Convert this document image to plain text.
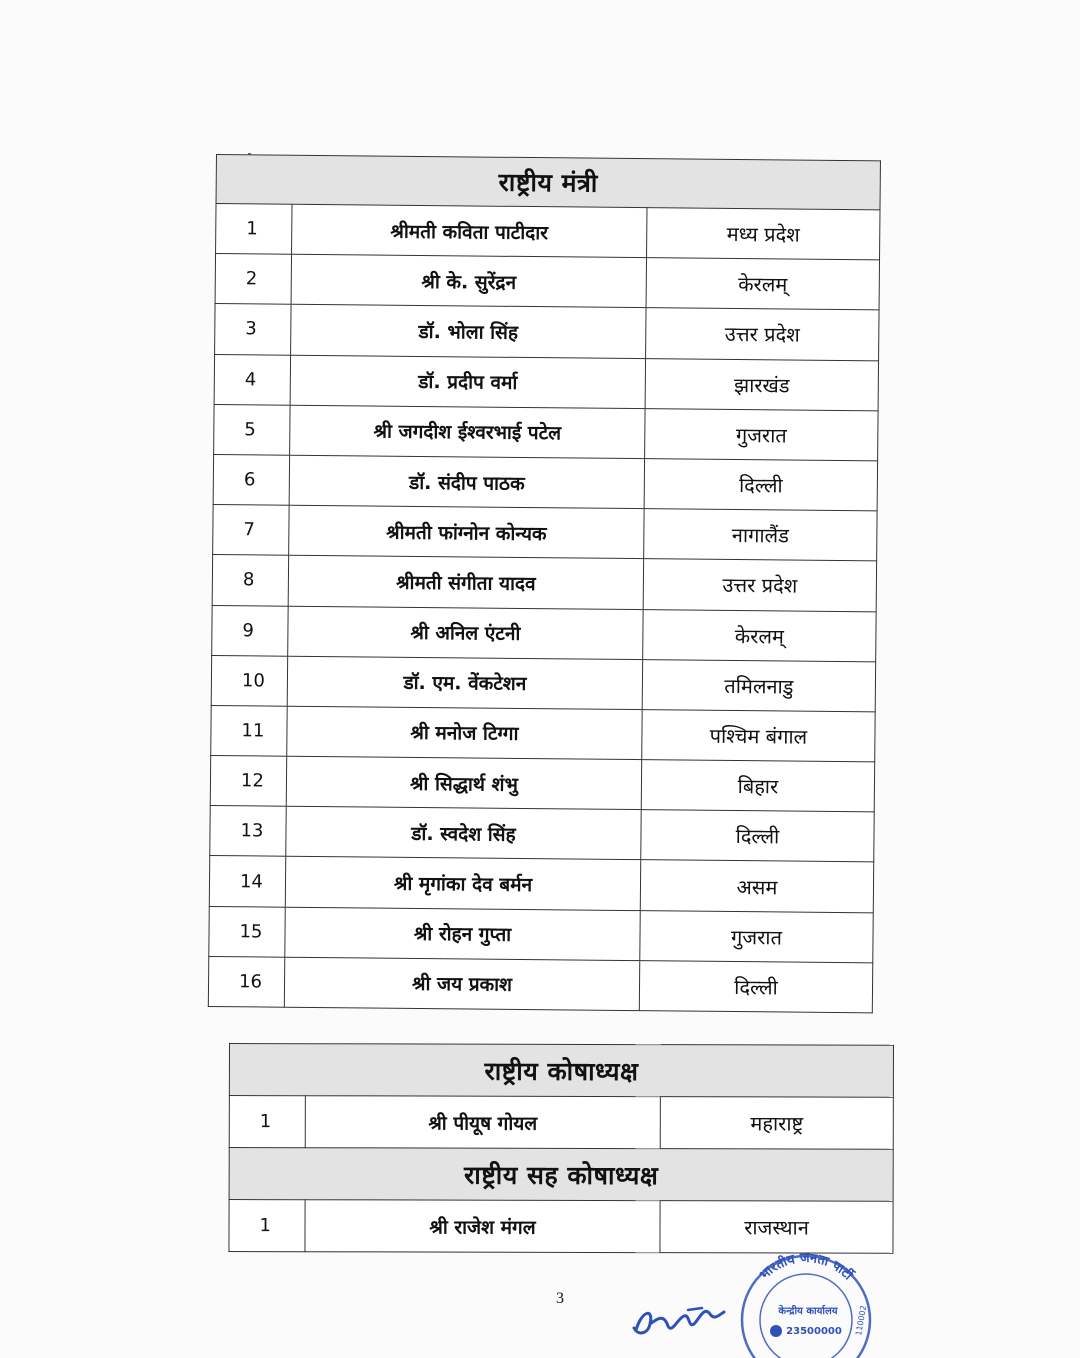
राष्ट्रीय मंत्री		
1	श्रीमती कविता पाटीदार	मध्य प्रदेश
2	श्री के. सुरेंद्रन	केरलम्
3	डॉ. भोला सिंह	उत्तर प्रदेश
4	डॉ. प्रदीप वर्मा	झारखंड
5	श्री जगदीश ईश्वरभाई पटेल	गुजरात
6	डॉ. संदीप पाठक	दिल्ली
7	श्रीमती फांग्नोन कोन्यक	नागालैंड
8	श्रीमती संगीता यादव	उत्तर प्रदेश
9	श्री अनिल एंटनी	केरलम्
10	डॉ. एम. वेंकटेशन	तमिलनाडु
11	श्री मनोज टिग्गा	पश्चिम बंगाल
12	श्री सिद्धार्थ शंभु	बिहार
13	डॉ. स्वदेश सिंह	दिल्ली
14	श्री मृगांका देव बर्मन	असम
15	श्री रोहन गुप्ता	गुजरात
16	श्री जय प्रकाश	दिल्ली
राष्ट्रीय कोषाध्यक्ष		
1	श्री पीयूष गोयल	महाराष्ट्र
राष्ट्रीय सह कोषाध्यक्ष		
1	श्री राजेश मंगल	राजस्थान
3
भारतीय जनता पार्टी
केन्द्रीय कार्यालय
23500000 110002
